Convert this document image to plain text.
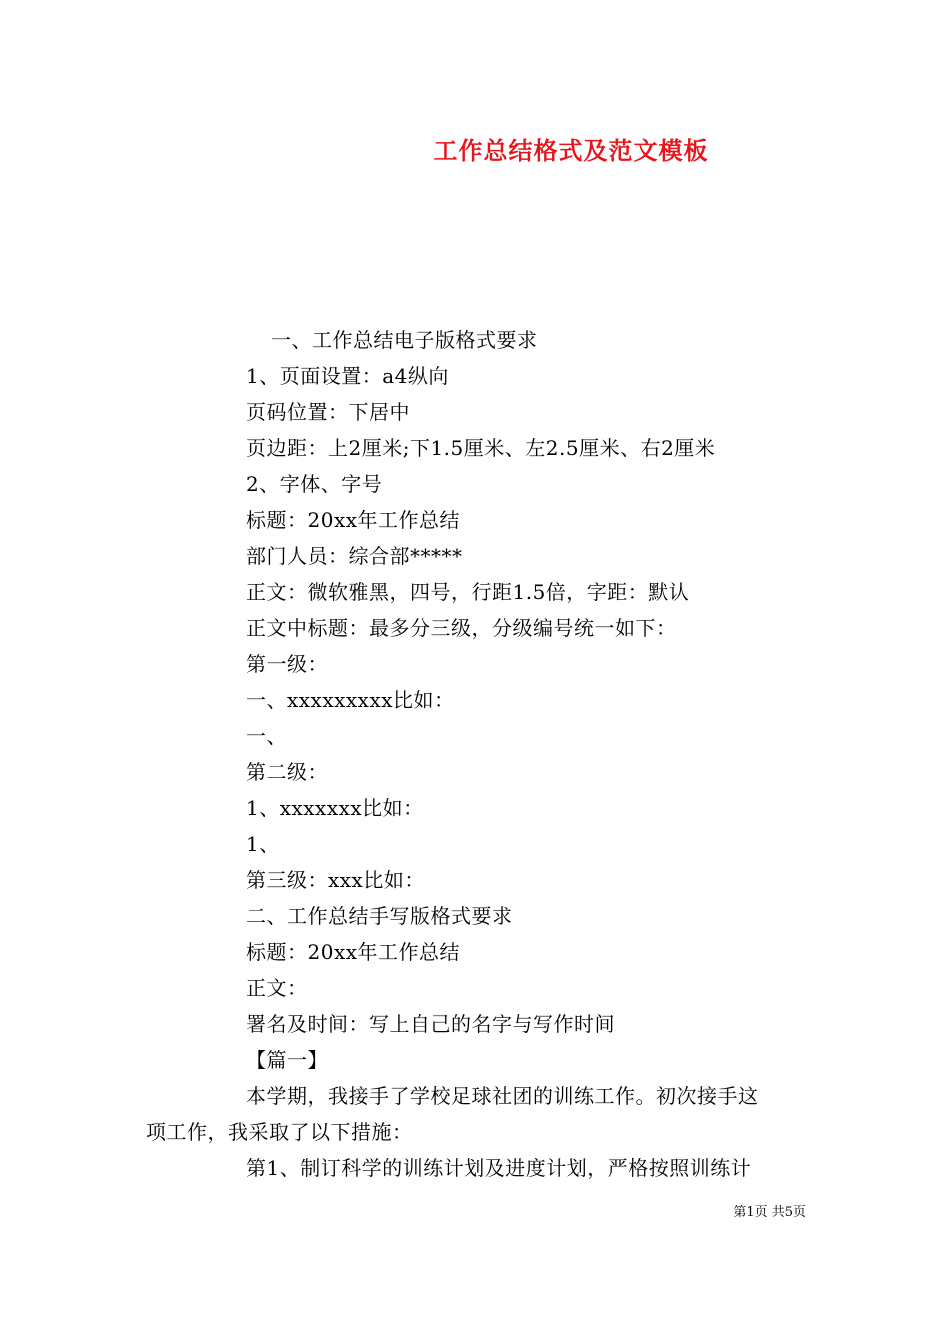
工作总结格式及范文模板
一、工作总结电子版格式要求
1、页面设置：a4纵向
页码位置：下居中
页边距：上2厘米;下1.5厘米、左2.5厘米、右2厘米
2、字体、字号
标题：20xx年工作总结
部门人员：综合部*****
正文：微软雅黑，四号，行距1.5倍，字距：默认
正文中标题：最多分三级，分级编号统一如下：
第一级：
一、xxxxxxxxx比如：
一、
第二级：
1、xxxxxxx比如：
1、
第三级：xxx比如：
二、工作总结手写版格式要求
标题：20xx年工作总结
正文：
署名及时间：写上自己的名字与写作时间
【篇一】
本学期，我接手了学校足球社团的训练工作。初次接手这
项工作，我采取了以下措施：
第1、制订科学的训练计划及进度计划，严格按照训练计
第1页 共5页
